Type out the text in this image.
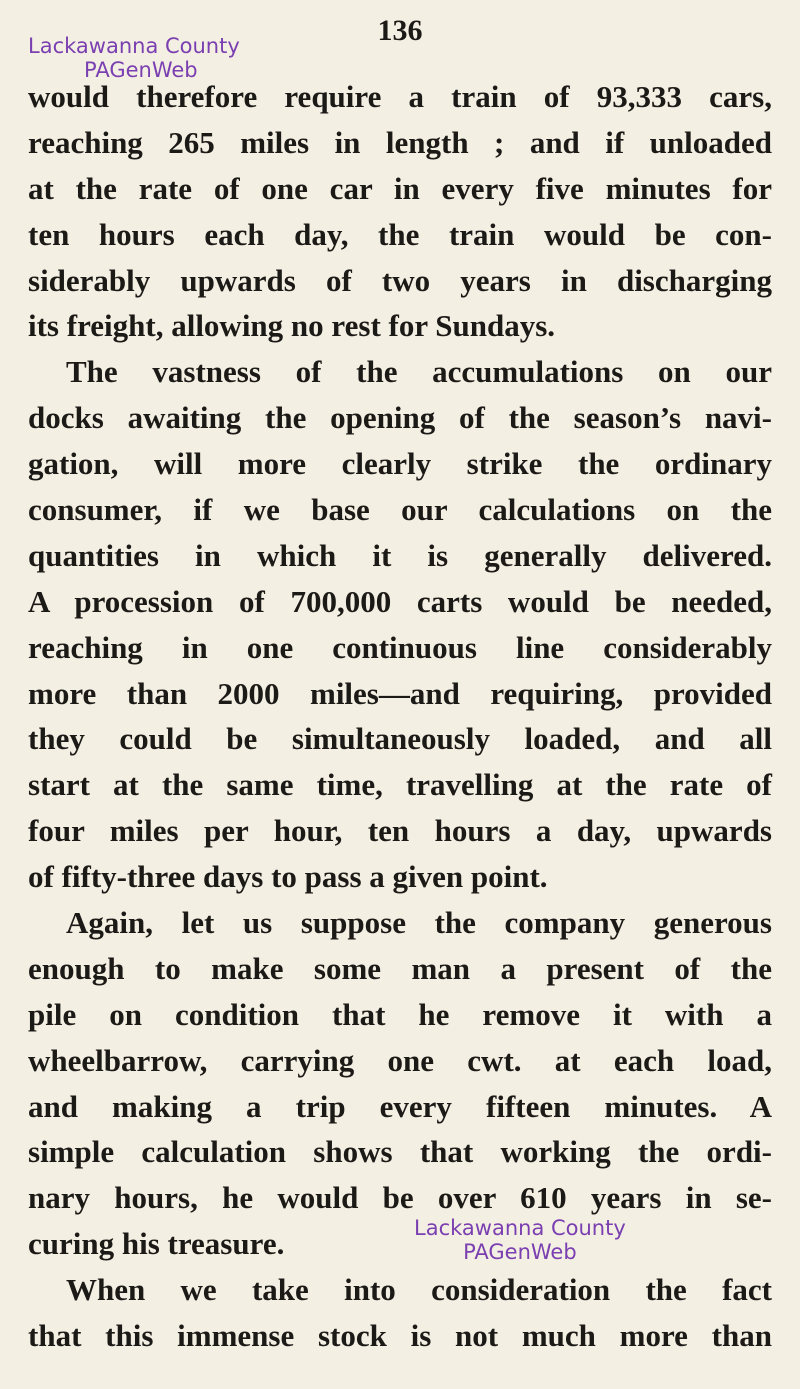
136
Lackawanna County
PAGenWeb
would therefore require a train of 93,333 cars,
reaching 265 miles in length ; and if unloaded
at the rate of one car in every five minutes for
ten hours each day, the train would be con-
siderably upwards of two years in discharging
its freight, allowing no rest for Sundays.
The vastness of the accumulations on our
docks awaiting the opening of the season’s navi-
gation, will more clearly strike the ordinary
consumer, if we base our calculations on the
quantities in which it is generally delivered.
A procession of 700,000 carts would be needed,
reaching in one continuous line considerably
more than 2000 miles—and requiring, provided
they could be simultaneously loaded, and all
start at the same time, travelling at the rate of
four miles per hour, ten hours a day, upwards
of fifty-three days to pass a given point.
Again, let us suppose the company generous
enough to make some man a present of the
pile on condition that he remove it with a
wheelbarrow, carrying one cwt. at each load,
and making a trip every fifteen minutes. A
simple calculation shows that working the ordi-
nary hours, he would be over 610 years in se-
curing his treasure.
When we take into consideration the fact
that this immense stock is not much more than
Lackawanna County
PAGenWeb
